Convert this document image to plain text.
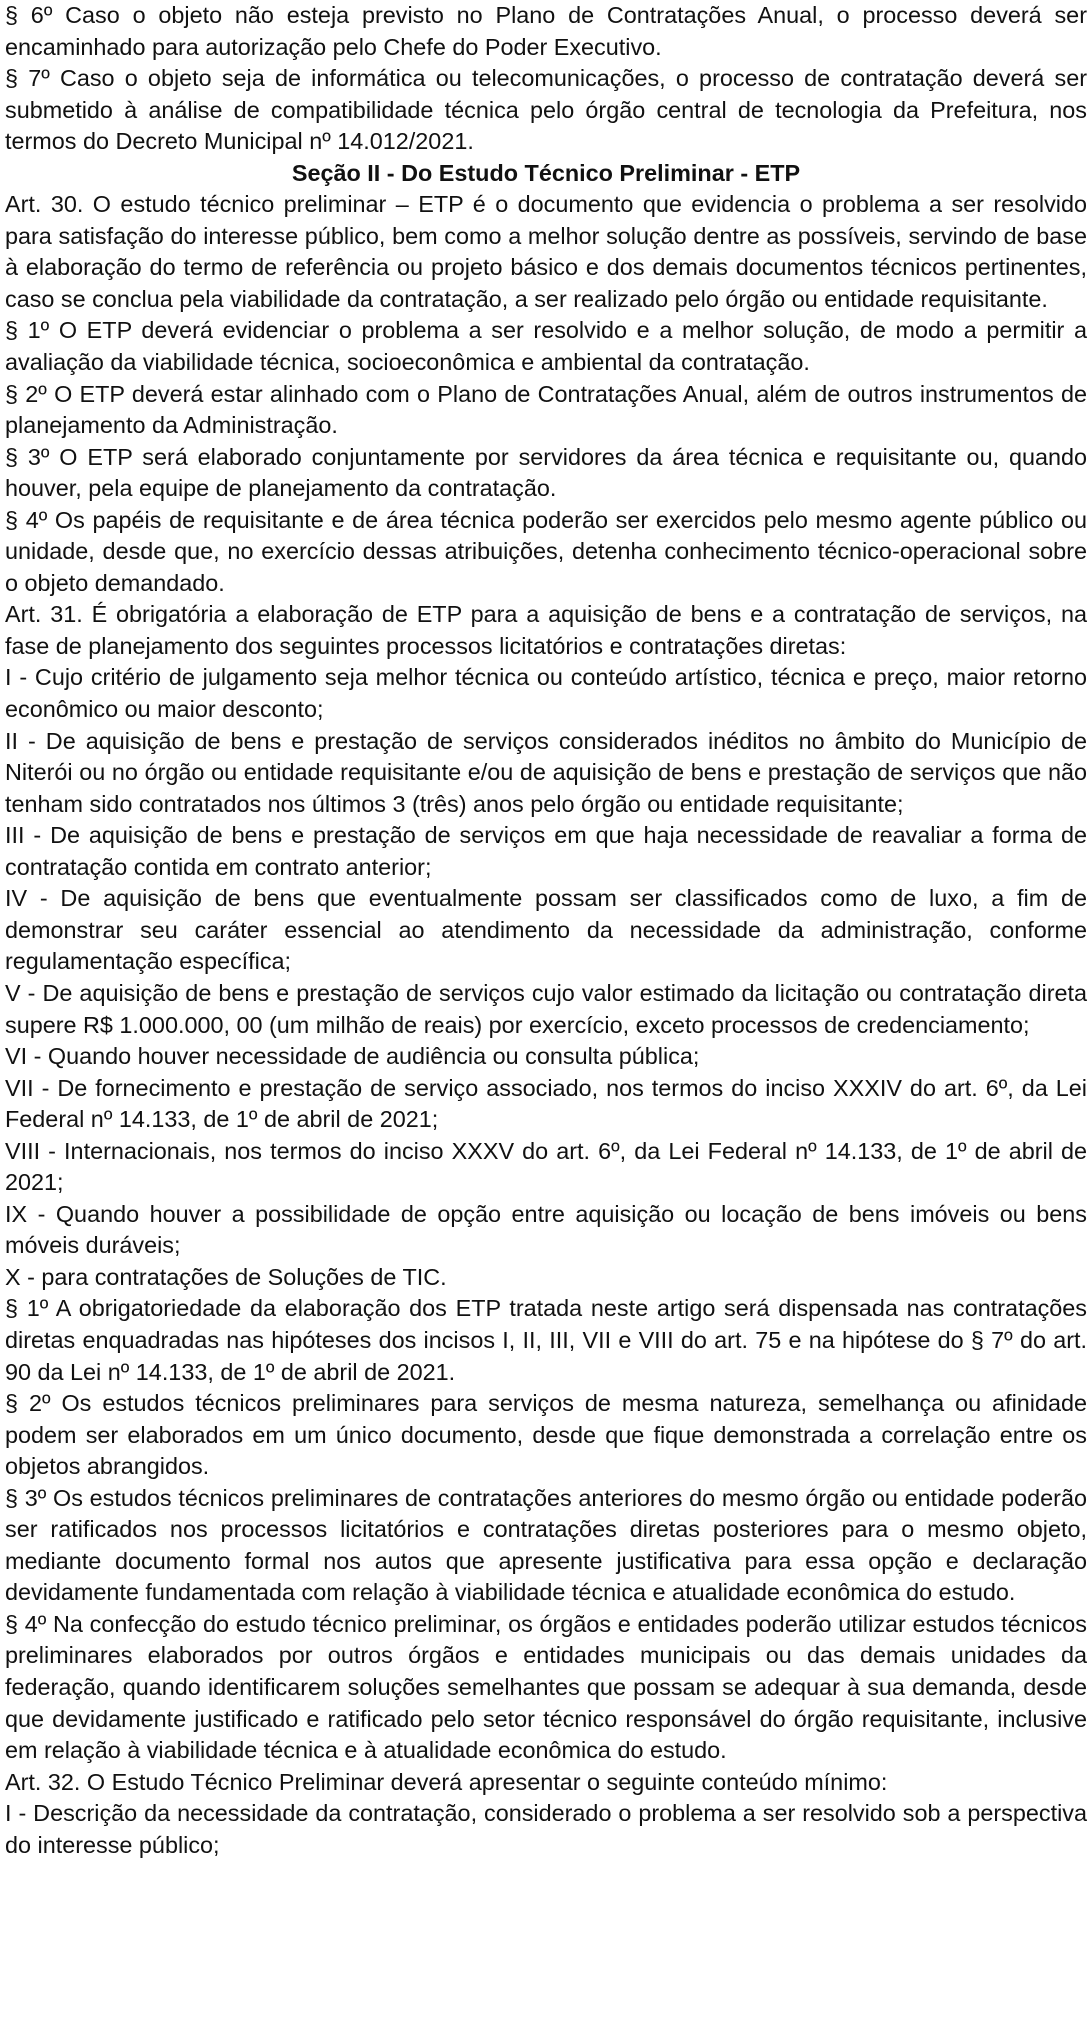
§ 6º Caso o objeto não esteja previsto no Plano de Contratações Anual, o processo deverá ser encaminhado para autorização pelo Chefe do Poder Executivo.

§ 7º Caso o objeto seja de informática ou telecomunicações, o processo de contratação deverá ser submetido à análise de compatibilidade técnica pelo órgão central de tecnologia da Prefeitura, nos termos do Decreto Municipal nº 14.012/2021.

Seção II - Do Estudo Técnico Preliminar - ETP

Art. 30. O estudo técnico preliminar – ETP é o documento que evidencia o problema a ser resolvido para satisfação do interesse público, bem como a melhor solução dentre as possíveis, servindo de base à elaboração do termo de referência ou projeto básico e dos demais documentos técnicos pertinentes, caso se conclua pela viabilidade da contratação, a ser realizado pelo órgão ou entidade requisitante.

§ 1º O ETP deverá evidenciar o problema a ser resolvido e a melhor solução, de modo a permitir a avaliação da viabilidade técnica, socioeconômica e ambiental da contratação.

§ 2º O ETP deverá estar alinhado com o Plano de Contratações Anual, além de outros instrumentos de planejamento da Administração.

§ 3º O ETP será elaborado conjuntamente por servidores da área técnica e requisitante ou, quando houver, pela equipe de planejamento da contratação.

§ 4º Os papéis de requisitante e de área técnica poderão ser exercidos pelo mesmo agente público ou unidade, desde que, no exercício dessas atribuições, detenha conhecimento técnico-operacional sobre o objeto demandado.

Art. 31. É obrigatória a elaboração de ETP para a aquisição de bens e a contratação de serviços, na fase de planejamento dos seguintes processos licitatórios e contratações diretas:

I - Cujo critério de julgamento seja melhor técnica ou conteúdo artístico, técnica e preço, maior retorno econômico ou maior desconto;

II - De aquisição de bens e prestação de serviços considerados inéditos no âmbito do Município de Niterói ou no órgão ou entidade requisitante e/ou de aquisição de bens e prestação de serviços que não tenham sido contratados nos últimos 3 (três) anos pelo órgão ou entidade requisitante;

III - De aquisição de bens e prestação de serviços em que haja necessidade de reavaliar a forma de contratação contida em contrato anterior;

IV - De aquisição de bens que eventualmente possam ser classificados como de luxo, a fim de demonstrar seu caráter essencial ao atendimento da necessidade da administração, conforme regulamentação específica;

V - De aquisição de bens e prestação de serviços cujo valor estimado da licitação ou contratação direta supere R$ 1.000.000, 00 (um milhão de reais) por exercício, exceto processos de credenciamento;

VI - Quando houver necessidade de audiência ou consulta pública;

VII - De fornecimento e prestação de serviço associado, nos termos do inciso XXXIV do art. 6º, da Lei Federal nº 14.133, de 1º de abril de 2021;

VIII - Internacionais, nos termos do inciso XXXV do art. 6º, da Lei Federal nº 14.133, de 1º de abril de 2021;

IX - Quando houver a possibilidade de opção entre aquisição ou locação de bens imóveis ou bens móveis duráveis;

X - para contratações de Soluções de TIC.

§ 1º A obrigatoriedade da elaboração dos ETP tratada neste artigo será dispensada nas contratações diretas enquadradas nas hipóteses dos incisos I, II, III, VII e VIII do art. 75 e na hipótese do § 7º do art. 90 da Lei nº 14.133, de 1º de abril de 2021.

§ 2º Os estudos técnicos preliminares para serviços de mesma natureza, semelhança ou afinidade podem ser elaborados em um único documento, desde que fique demonstrada a correlação entre os objetos abrangidos.

§ 3º Os estudos técnicos preliminares de contratações anteriores do mesmo órgão ou entidade poderão ser ratificados nos processos licitatórios e contratações diretas posteriores para o mesmo objeto, mediante documento formal nos autos que apresente justificativa para essa opção e declaração devidamente fundamentada com relação à viabilidade técnica e atualidade econômica do estudo.

§ 4º Na confecção do estudo técnico preliminar, os órgãos e entidades poderão utilizar estudos técnicos preliminares elaborados por outros órgãos e entidades municipais ou das demais unidades da federação, quando identificarem soluções semelhantes que possam se adequar à sua demanda, desde que devidamente justificado e ratificado pelo setor técnico responsável do órgão requisitante, inclusive em relação à viabilidade técnica e à atualidade econômica do estudo.

Art. 32. O Estudo Técnico Preliminar deverá apresentar o seguinte conteúdo mínimo:

I - Descrição da necessidade da contratação, considerado o problema a ser resolvido sob a perspectiva do interesse público;
